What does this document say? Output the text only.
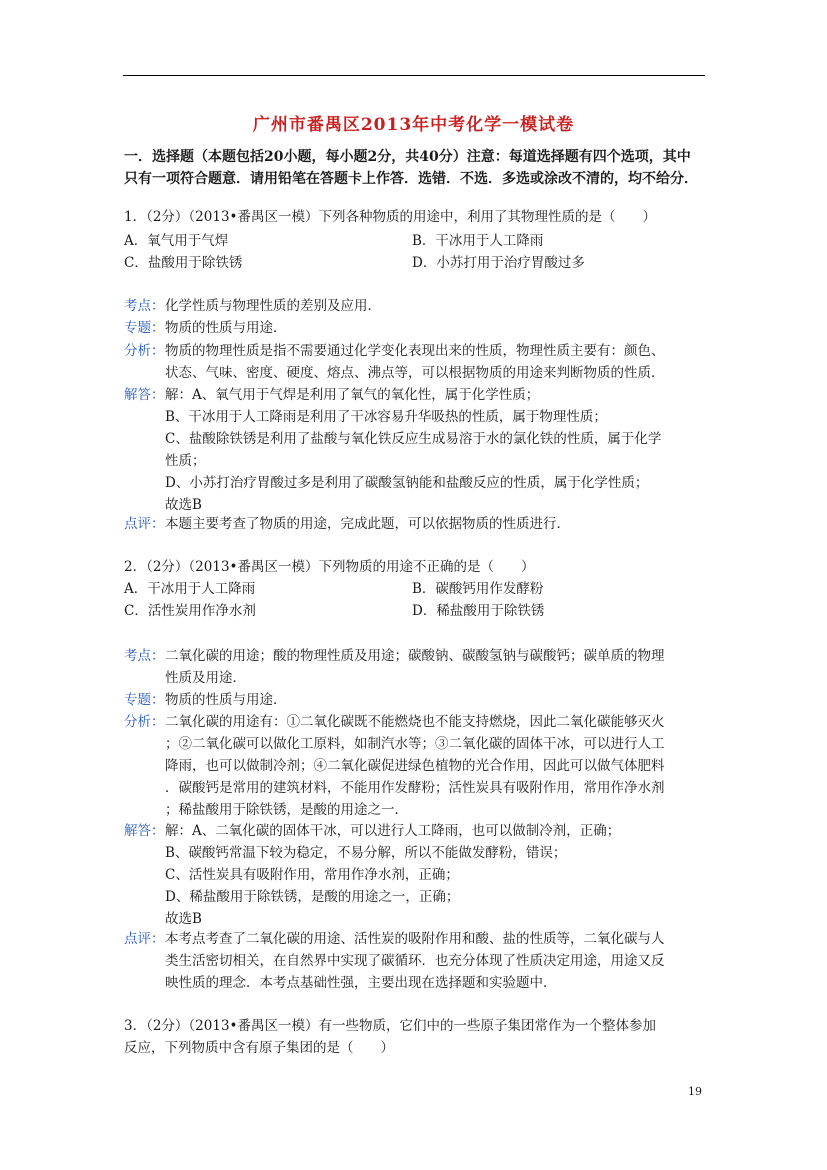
广州市番禺区2013年中考化学一模试卷
一．选择题（本题包括20小题，每小题2分，共40分）注意：每道选择题有四个选项，其中只有一项符合题意．请用铅笔在答题卡上作答．选错．不选．多选或涂改不清的，均不给分．
1．（2分）（2013•番禺区一模）下列各种物质的用途中，利用了其物理性质的是（　　）
A．氧气用于气焊	B．干冰用于人工降雨
C．盐酸用于除铁锈	D．小苏打用于治疗胃酸过多
考点： 化学性质与物理性质的差别及应用．
专题： 物质的性质与用途．
分析： 物质的物理性质是指不需要通过化学变化表现出来的性质，物理性质主要有：颜色、
状态、气味、密度、硬度、熔点、沸点等，可以根据物质的用途来判断物质的性质．
解答： 解：A、氧气用于气焊是利用了氧气的氧化性，属于化学性质；
B、干冰用于人工降雨是利用了干冰容易升华吸热的性质，属于物理性质；
C、盐酸除铁锈是利用了盐酸与氧化铁反应生成易溶于水的氯化铁的性质，属于化学
性质；
D、小苏打治疗胃酸过多是利用了碳酸氢钠能和盐酸反应的性质，属于化学性质；
故选B
点评： 本题主要考查了物质的用途，完成此题，可以依据物质的性质进行．
2．（2分）（2013•番禺区一模）下列物质的用途不正确的是（　　）
A．干冰用于人工降雨	B．碳酸钙用作发酵粉
C．活性炭用作净水剂	D．稀盐酸用于除铁锈
考点： 二氧化碳的用途；酸的物理性质及用途；碳酸钠、碳酸氢钠与碳酸钙；碳单质的物理
性质及用途．
专题： 物质的性质与用途．
分析： 二氧化碳的用途有：①二氧化碳既不能燃烧也不能支持燃烧，因此二氧化碳能够灭火
；②二氧化碳可以做化工原料，如制汽水等；③二氧化碳的固体干冰，可以进行人工
降雨，也可以做制冷剂；④二氧化碳促进绿色植物的光合作用，因此可以做气体肥料
．碳酸钙是常用的建筑材料，不能用作发酵粉；活性炭具有吸附作用，常用作净水剂
；稀盐酸用于除铁锈，是酸的用途之一．
解答： 解：A、二氧化碳的固体干冰，可以进行人工降雨，也可以做制冷剂，正确；
B、碳酸钙常温下较为稳定，不易分解，所以不能做发酵粉，错误；
C、活性炭具有吸附作用，常用作净水剂，正确；
D、稀盐酸用于除铁锈，是酸的用途之一，正确；
故选B
点评： 本考点考查了二氧化碳的用途、活性炭的吸附作用和酸、盐的性质等，二氧化碳与人
类生活密切相关，在自然界中实现了碳循环．也充分体现了性质决定用途，用途又反
映性质的理念．本考点基础性强，主要出现在选择题和实验题中．
3．（2分）（2013•番禺区一模）有一些物质，它们中的一些原子集团常作为一个整体参加
反应，下列物质中含有原子集团的是（　　）
19
